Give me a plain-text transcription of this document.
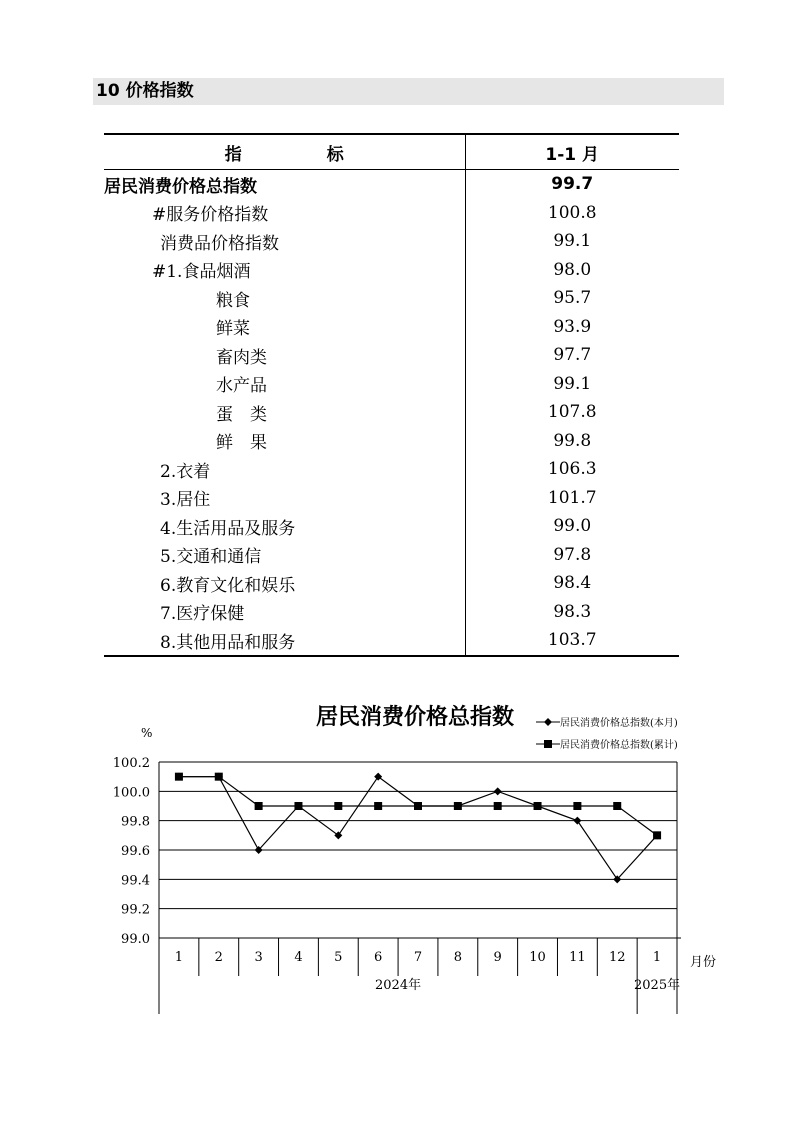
10 价格指数
指　　　　　标	1-1 月
居民消费价格总指数	99.7
#服务价格指数	100.8
消费品价格指数	99.1
#1.食品烟酒	98.0
粮食	95.7
鲜菜	93.9
畜肉类	97.7
水产品	99.1
蛋　类	107.8
鲜　果	99.8
2.衣着	106.3
3.居住	101.7
4.生活用品及服务	99.0
5.交通和通信	97.8
6.教育文化和娱乐	98.4
7.医疗保健	98.3
8.其他用品和服务	103.7
居民消费价格总指数
100.2
100.0
99.8
99.6
99.4
99.2
99.0
%
1 2 3 4 5 6 7 8 9 10 11 12 1 月份
2024年	2025年
居民消费价格总指数(本月)
居民消费价格总指数(累计)
